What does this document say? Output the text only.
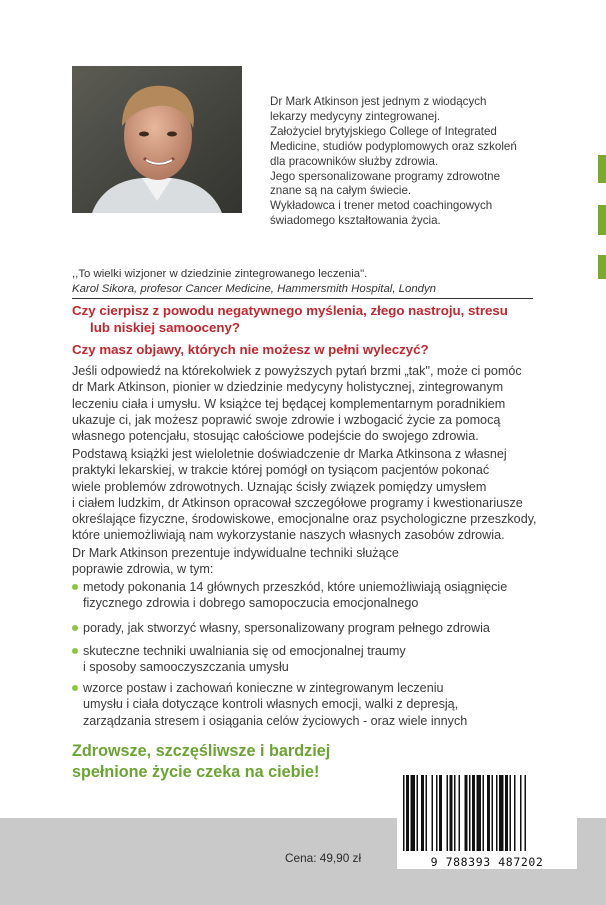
Dr Mark Atkinson jest jednym z wiodących
lekarzy medycyny zintegrowanej.
Założyciel brytyjskiego College of Integrated
Medicine, studiów podyplomowych oraz szkoleń
dla pracowników służby zdrowia.
Jego spersonalizowane programy zdrowotne
znane są na całym świecie.
Wykładowca i trener metod coachingowych
świadomego kształtowania życia.
,,To wielki wizjoner w dziedzinie zintegrowanego leczenia".
Karol Sikora, profesor Cancer Medicine, Hammersmith Hospital, Londyn
Czy cierpisz z powodu negatywnego myślenia, złego nastroju, stresu
lub niskiej samooceny?
Czy masz objawy, których nie możesz w pełni wyleczyć?
Jeśli odpowiedź na którekolwiek z powyższych pytań brzmi „tak", może ci pomóc
dr Mark Atkinson, pionier w dziedzinie medycyny holistycznej, zintegrowanym
leczeniu ciała i umysłu. W książce tej będącej komplementarnym poradnikiem
ukazuje ci, jak możesz poprawić swoje zdrowie i wzbogacić życie za pomocą
własnego potencjału, stosując całościowe podejście do swojego zdrowia.
Podstawą książki jest wieloletnie doświadczenie dr Marka Atkinsona z własnej
praktyki lekarskiej, w trakcie której pomógł on tysiącom pacjentów pokonać
wiele problemów zdrowotnych. Uznając ścisły związek pomiędzy umysłem
i ciałem ludzkim, dr Atkinson opracował szczegółowe programy i kwestionariusze
określające fizyczne, środowiskowe, emocjonalne oraz psychologiczne przeszkody,
które uniemożliwiają nam wykorzystanie naszych własnych zasobów zdrowia.
Dr Mark Atkinson prezentuje indywidualne techniki służące
poprawie zdrowia, w tym:
metody pokonania 14 głównych przeszkód, które uniemożliwiają osiągnięcie
fizycznego zdrowia i dobrego samopoczucia emocjonalnego
porady, jak stworzyć własny, spersonalizowany program pełnego zdrowia
skuteczne techniki uwalniania się od emocjonalnej traumy
i sposoby samooczyszczania umysłu
wzorce postaw i zachowań konieczne w zintegrowanym leczeniu
umysłu i ciała dotyczące kontroli własnych emocji, walki z depresją,
zarządzania stresem i osiągania celów życiowych - oraz wiele innych
Zdrowsze, szczęśliwsze i bardziej
spełnione życie czeka na ciebie!
Cena: 49,90 zł	9 788393 487202
